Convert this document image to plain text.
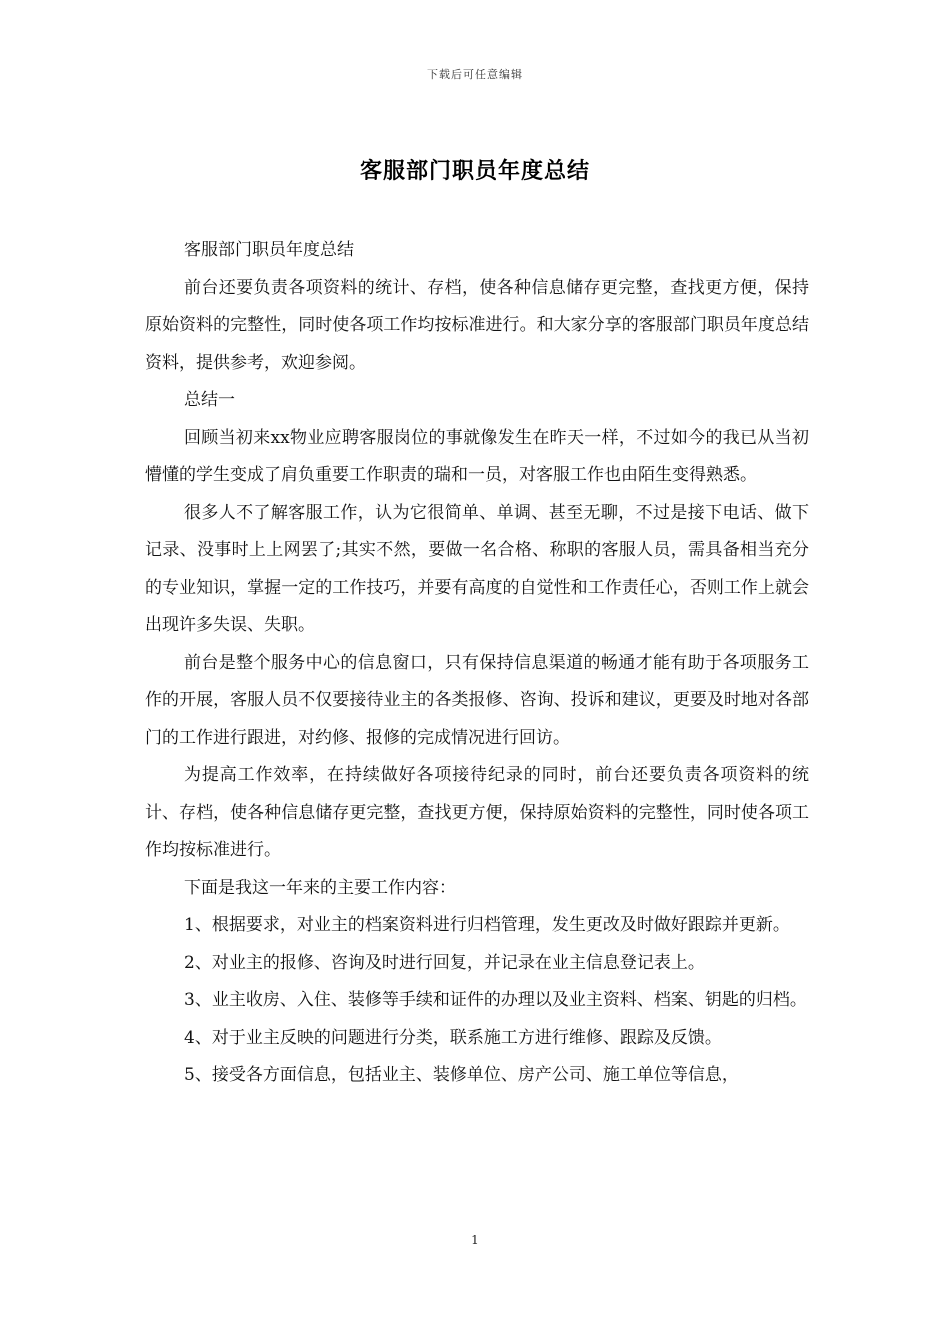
下载后可任意编辑
客服部门职员年度总结

客服部门职员年度总结

前台还要负责各项资料的统计、存档，使各种信息储存更完整，查找更方便，保持原始资料的完整性，同时使各项工作均按标准进行。和大家分享的客服部门职员年度总结资料，提供参考，欢迎参阅。

总结一

回顾当初来xx物业应聘客服岗位的事就像发生在昨天一样，不过如今的我已从当初懵懂的学生变成了肩负重要工作职责的瑞和一员，对客服工作也由陌生变得熟悉。

很多人不了解客服工作，认为它很简单、单调、甚至无聊，不过是接下电话、做下记录、没事时上上网罢了;其实不然，要做一名合格、称职的客服人员，需具备相当充分的专业知识，掌握一定的工作技巧，并要有高度的自觉性和工作责任心，否则工作上就会出现许多失误、失职。

前台是整个服务中心的信息窗口，只有保持信息渠道的畅通才能有助于各项服务工作的开展，客服人员不仅要接待业主的各类报修、咨询、投诉和建议，更要及时地对各部门的工作进行跟进，对约修、报修的完成情况进行回访。

为提高工作效率，在持续做好各项接待纪录的同时，前台还要负责各项资料的统计、存档，使各种信息储存更完整，查找更方便，保持原始资料的完整性，同时使各项工作均按标准进行。

下面是我这一年来的主要工作内容：

1、根据要求，对业主的档案资料进行归档管理，发生更改及时做好跟踪并更新。

2、对业主的报修、咨询及时进行回复，并记录在业主信息登记表上。

3、业主收房、入住、装修等手续和证件的办理以及业主资料、档案、钥匙的归档。

4、对于业主反映的问题进行分类，联系施工方进行维修、跟踪及反馈。

5、接受各方面信息，包括业主、装修单位、房产公司、施工单位等信息，

1
